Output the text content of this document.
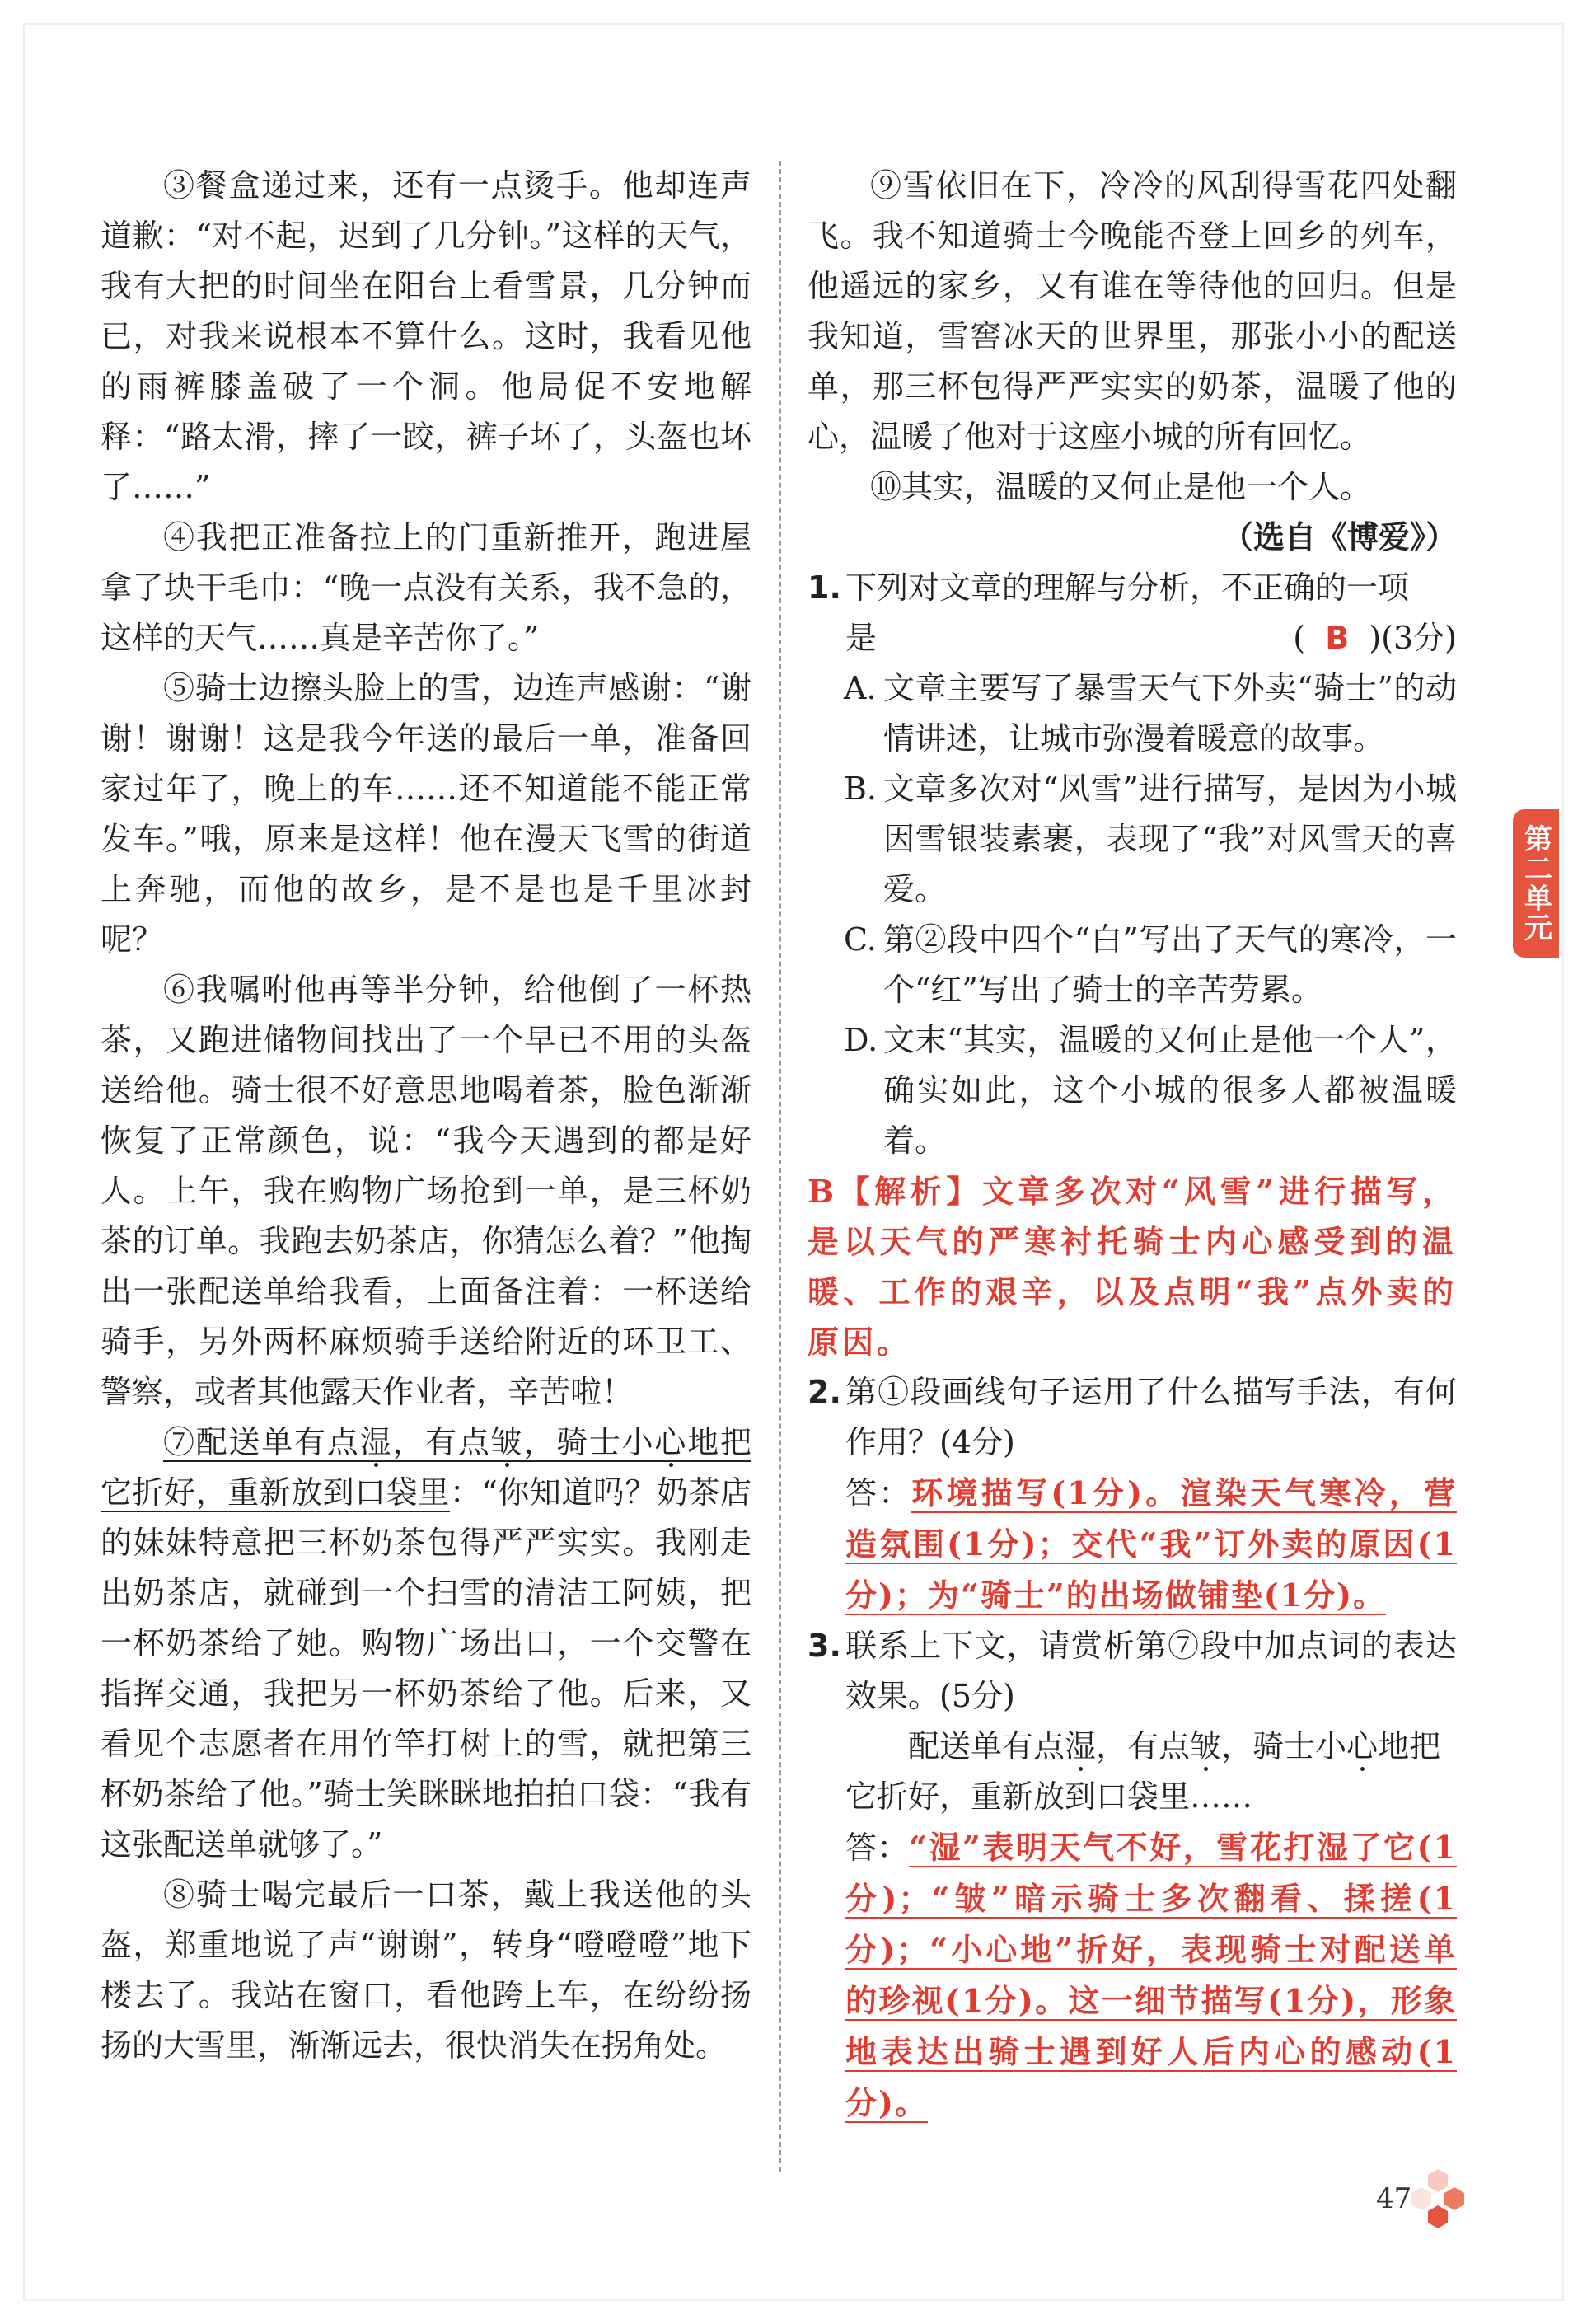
③餐盒递过来，还有一点烫手。他却连声道歉：“对不起，迟到了几分钟。”这样的天气，我有大把的时间坐在阳台上看雪景，几分钟而已，对我来说根本不算什么。这时，我看见他的雨裤膝盖破了一个洞。他局促不安地解释：“路太滑，摔了一跤，裤子坏了，头盔也坏了……”

④我把正准备拉上的门重新推开，跑进屋拿了块干毛巾：“晚一点没有关系，我不急的，这样的天气……真是辛苦你了。”

⑤骑士边擦头脸上的雪，边连声感谢：“谢谢！谢谢！这是我今年送的最后一单，准备回家过年了，晚上的车……还不知道能不能正常发车。”哦，原来是这样！他在漫天飞雪的街道上奔驰，而他的故乡，是不是也是千里冰封呢？

⑥我嘱咐他再等半分钟，给他倒了一杯热茶，又跑进储物间找出了一个早已不用的头盔送给他。骑士很不好意思地喝着茶，脸色渐渐恢复了正常颜色，说：“我今天遇到的都是好人。上午，我在购物广场抢到一单，是三杯奶茶的订单。我跑去奶茶店，你猜怎么着？”他掏出一张配送单给我看，上面备注着：一杯送给骑手，另外两杯麻烦骑手送给附近的环卫工、警察，或者其他露天作业者，辛苦啦！

⑦配送单有点湿，有点皱，骑士小心地把它折好，重新放到口袋里：“你知道吗？奶茶店的妹妹特意把三杯奶茶包得严严实实。我刚走出奶茶店，就碰到一个扫雪的清洁工阿姨，把一杯奶茶给了她。购物广场出口，一个交警在指挥交通，我把另一杯奶茶给了他。后来，又看见个志愿者在用竹竿打树上的雪，就把第三杯奶茶给了他。”骑士笑眯眯地拍拍口袋：“我有这张配送单就够了。”

⑧骑士喝完最后一口茶，戴上我送他的头盔，郑重地说了声“谢谢”，转身“噔噔噔”地下楼去了。我站在窗口，看他跨上车，在纷纷扬扬的大雪里，渐渐远去，很快消失在拐角处。

⑨雪依旧在下，冷冷的风刮得雪花四处翻飞。我不知道骑士今晚能否登上回乡的列车，他遥远的家乡，又有谁在等待他的回归。但是我知道，雪窖冰天的世界里，那张小小的配送单，那三杯包得严严实实的奶茶，温暖了他的心，温暖了他对于这座小城的所有回忆。

⑩其实，温暖的又何止是他一个人。

（选自《博爱》）

1. 下列对文章的理解与分析，不正确的一项
是	( B )(3分)

A. 文章主要写了暴雪天气下外卖“骑士”的动情讲述，让城市弥漫着暖意的故事。

B. 文章多次对“风雪”进行描写，是因为小城因雪银装素裹，表现了“我”对风雪天的喜爱。

C. 第②段中四个“白”写出了天气的寒冷，一个“红”写出了骑士的辛苦劳累。

D. 文末“其实，温暖的又何止是他一个人”，确实如此，这个小城的很多人都被温暖着。

B【解析】文章多次对“风雪”进行描写，是以天气的严寒衬托骑士内心感受到的温暖、工作的艰辛，以及点明“我”点外卖的原因。

2. 第①段画线句子运用了什么描写手法，有何作用？(4分)

答：环境描写(1分)。渲染天气寒冷，营造氛围(1分)；交代“我”订外卖的原因(1分)；为“骑士”的出场做铺垫(1分)。

3. 联系上下文，请赏析第⑦段中加点词的表达效果。(5分)

配送单有点湿，有点皱，骑士小心地把它折好，重新放到口袋里……

答：“湿”表明天气不好，雪花打湿了它(1分)；“皱”暗示骑士多次翻看、揉搓(1分)；“小心地”折好，表现骑士对配送单的珍视(1分)。这一细节描写(1分)，形象地表达出骑士遇到好人后内心的感动(1分)。

第二单元
47
